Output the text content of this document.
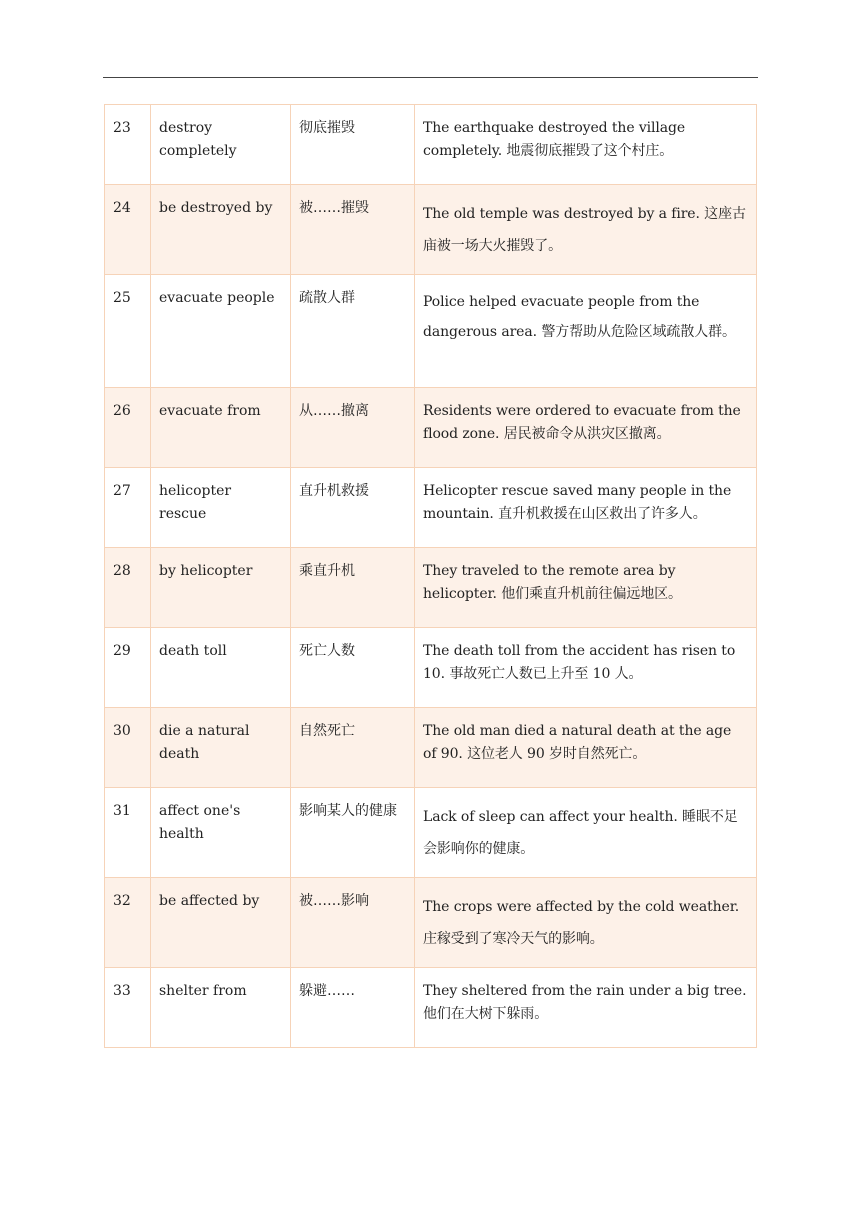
23	destroy completely	彻底摧毁	The earthquake destroyed the village completely. 地震彻底摧毁了这个村庄。
24	be destroyed by	被……摧毁	The old temple was destroyed by a fire. 这座古庙被一场大火摧毁了。
25	evacuate people	疏散人群	Police helped evacuate people from the dangerous area. 警方帮助从危险区域疏散人群。
26	evacuate from	从……撤离	Residents were ordered to evacuate from the flood zone. 居民被命令从洪灾区撤离。
27	helicopter rescue	直升机救援	Helicopter rescue saved many people in the mountain. 直升机救援在山区救出了许多人。
28	by helicopter	乘直升机	They traveled to the remote area by helicopter. 他们乘直升机前往偏远地区。
29	death toll	死亡人数	The death toll from the accident has risen to 10. 事故死亡人数已上升至 10 人。
30	die a natural death	自然死亡	The old man died a natural death at the age of 90. 这位老人 90 岁时自然死亡。
31	affect one's health	影响某人的健康	Lack of sleep can affect your health. 睡眠不足会影响你的健康。
32	be affected by	被……影响	The crops were affected by the cold weather. 庄稼受到了寒冷天气的影响。
33	shelter from	躲避……	They sheltered from the rain under a big tree. 他们在大树下躲雨。
